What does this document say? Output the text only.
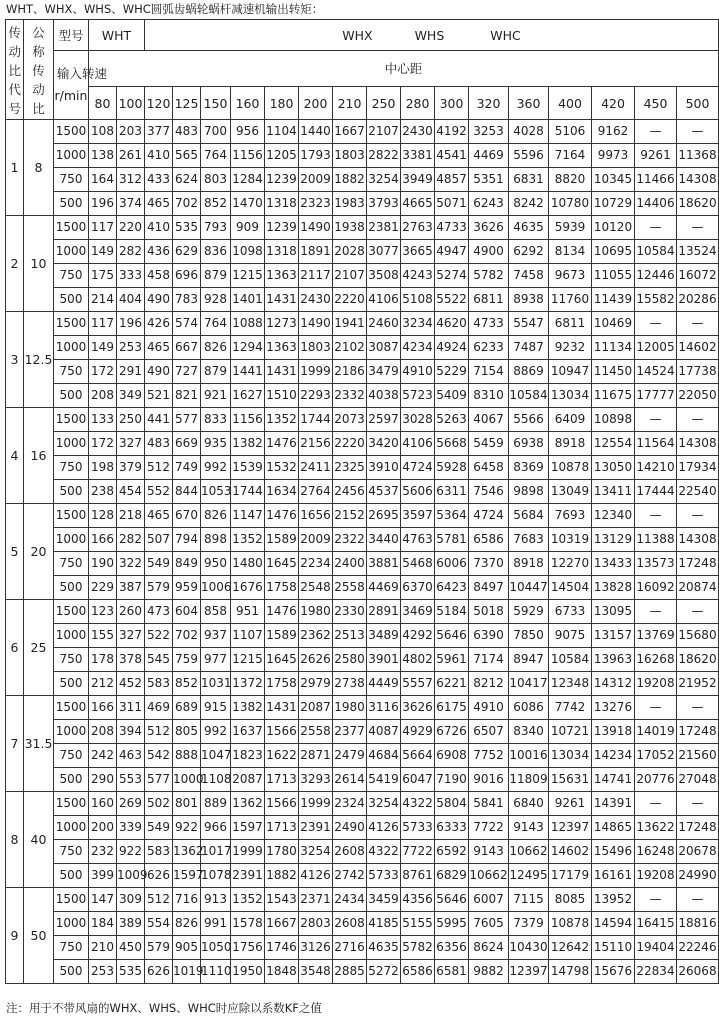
WHT、WHX、WHS、WHC圆弧齿蜗轮蜗杆减速机输出转矩：
传动比代号	公称传动比	型号	WHT		WHX WHS WHC															

		输入转速
r/min	中心距																	
			80	100	120	125	150	160	180	200	210	250	280	300	320	360	400	420	450	500
1	8	1500	108	203	377	483	700	956	1104	1440	1667	2107	2430	4192	3253	4028	5106	9162	—	—
		1000	138	261	410	565	764	1156	1205	1793	1803	2822	3381	4541	4469	5596	7164	9973	9261	11368
		750	164	312	433	624	803	1284	1239	2009	1882	3254	3949	4857	5351	6831	8820	10345	11466	14308
		500	196	374	465	702	852	1470	1318	2323	1983	3793	4665	5071	6243	8242	10780	10729	14406	18620
2	10	1500	117	220	410	535	793	909	1239	1490	1938	2381	2763	4733	3626	4635	5939	10120	—	—
		1000	149	282	436	629	836	1098	1318	1891	2028	3077	3665	4947	4900	6292	8134	10695	10584	13524
		750	175	333	458	696	879	1215	1363	2117	2107	3508	4243	5274	5782	7458	9673	11055	12446	16072
		500	214	404	490	783	928	1401	1431	2430	2220	4106	5108	5522	6811	8938	11760	11439	15582	20286
3	12.5	1500	117	196	426	574	764	1088	1273	1490	1941	2460	3234	4620	4733	5547	6811	10469	—	—
		1000	149	253	465	667	826	1294	1363	1803	2102	3087	4234	4924	6233	7487	9232	11134	12005	14602
		750	172	291	490	727	879	1441	1431	1999	2186	3479	4910	5229	7154	8869	10947	11450	14524	17738
		500	208	349	521	821	921	1627	1510	2293	2332	4038	5723	5409	8310	10584	13034	11675	17777	22050
4	16	1500	133	250	441	577	833	1156	1352	1744	2073	2597	3028	5263	4067	5566	6409	10898	—	—
		1000	172	327	483	669	935	1382	1476	2156	2220	3420	4106	5668	5459	6938	8918	12554	11564	14308
		750	198	379	512	749	992	1539	1532	2411	2325	3910	4724	5928	6458	8369	10878	13050	14210	17934
		500	238	454	552	844	1053	1744	1634	2764	2456	4537	5606	6311	7546	9898	13049	13411	17444	22540
5	20	1500	128	218	465	670	826	1147	1476	1656	2152	2695	3597	5364	4724	5684	7693	12340	—	—
		1000	166	282	507	794	898	1352	1589	2009	2322	3440	4763	5781	6586	7683	10319	13129	11388	14308
		750	190	322	549	849	950	1480	1645	2234	2400	3881	5468	6006	7370	8918	12270	13433	13573	17248
		500	229	387	579	959	1006	1676	1758	2548	2558	4469	6370	6423	8497	10447	14504	13828	16092	20874
6	25	1500	123	260	473	604	858	951	1476	1980	2330	2891	3469	5184	5018	5929	6733	13095	—	—
		1000	155	327	522	702	937	1107	1589	2362	2513	3489	4292	5646	6390	7850	9075	13157	13769	15680
		750	178	378	545	759	977	1215	1645	2626	2580	3901	4802	5961	7174	8947	10584	13963	16268	18620
		500	212	452	583	852	1031	1372	1758	2979	2738	4449	5557	6221	8212	10417	12348	14312	19208	21952
7	31.5	1500	166	311	469	689	915	1382	1431	2087	1980	3116	3626	6175	4910	6086	7742	13276	—	—
		1000	208	394	512	805	992	1637	1566	2558	2377	4087	4929	6726	6507	8340	10721	13918	14019	17248
		750	242	463	542	888	1047	1823	1622	2871	2479	4684	5664	6908	7752	10016	13034	14234	17052	21560
		500	290	553	577	1000	1108	2087	1713	3293	2614	5419	6047	7190	9016	11809	15631	14741	20776	27048
8	40	1500	160	269	502	801	889	1362	1566	1999	2324	3254	4322	5804	5841	6840	9261	14391	—	—
		1000	200	339	549	922	966	1597	1713	2391	2490	4126	5733	6333	7722	9143	12397	14865	13622	17248
		750	232	922	583	1362	1017	1999	1780	3254	2608	4322	7722	6592	9143	10662	14602	15496	16248	20678
		500	399	1009	626	1597	1078	2391	1882	4126	2742	5733	8761	6829	10662	12495	17179	16161	19208	24990
9	50	1500	147	309	512	716	913	1352	1543	2371	2434	3459	4356	5646	6007	7115	8085	13952	—	—
		1000	184	389	554	826	991	1578	1667	2803	2608	4185	5155	5995	7605	7379	10878	14594	16415	18816
		750	210	450	579	905	1050	1756	1746	3126	2716	4635	5782	6356	8624	10430	12642	15110	19404	22246
		500	253	535	626	1019	1110	1950	1848	3548	2885	5272	6586	6581	9882	12397	14798	15676	22834	26068
注：用于不带风扇的WHX、WHS、WHC时应除以系数KF之值
